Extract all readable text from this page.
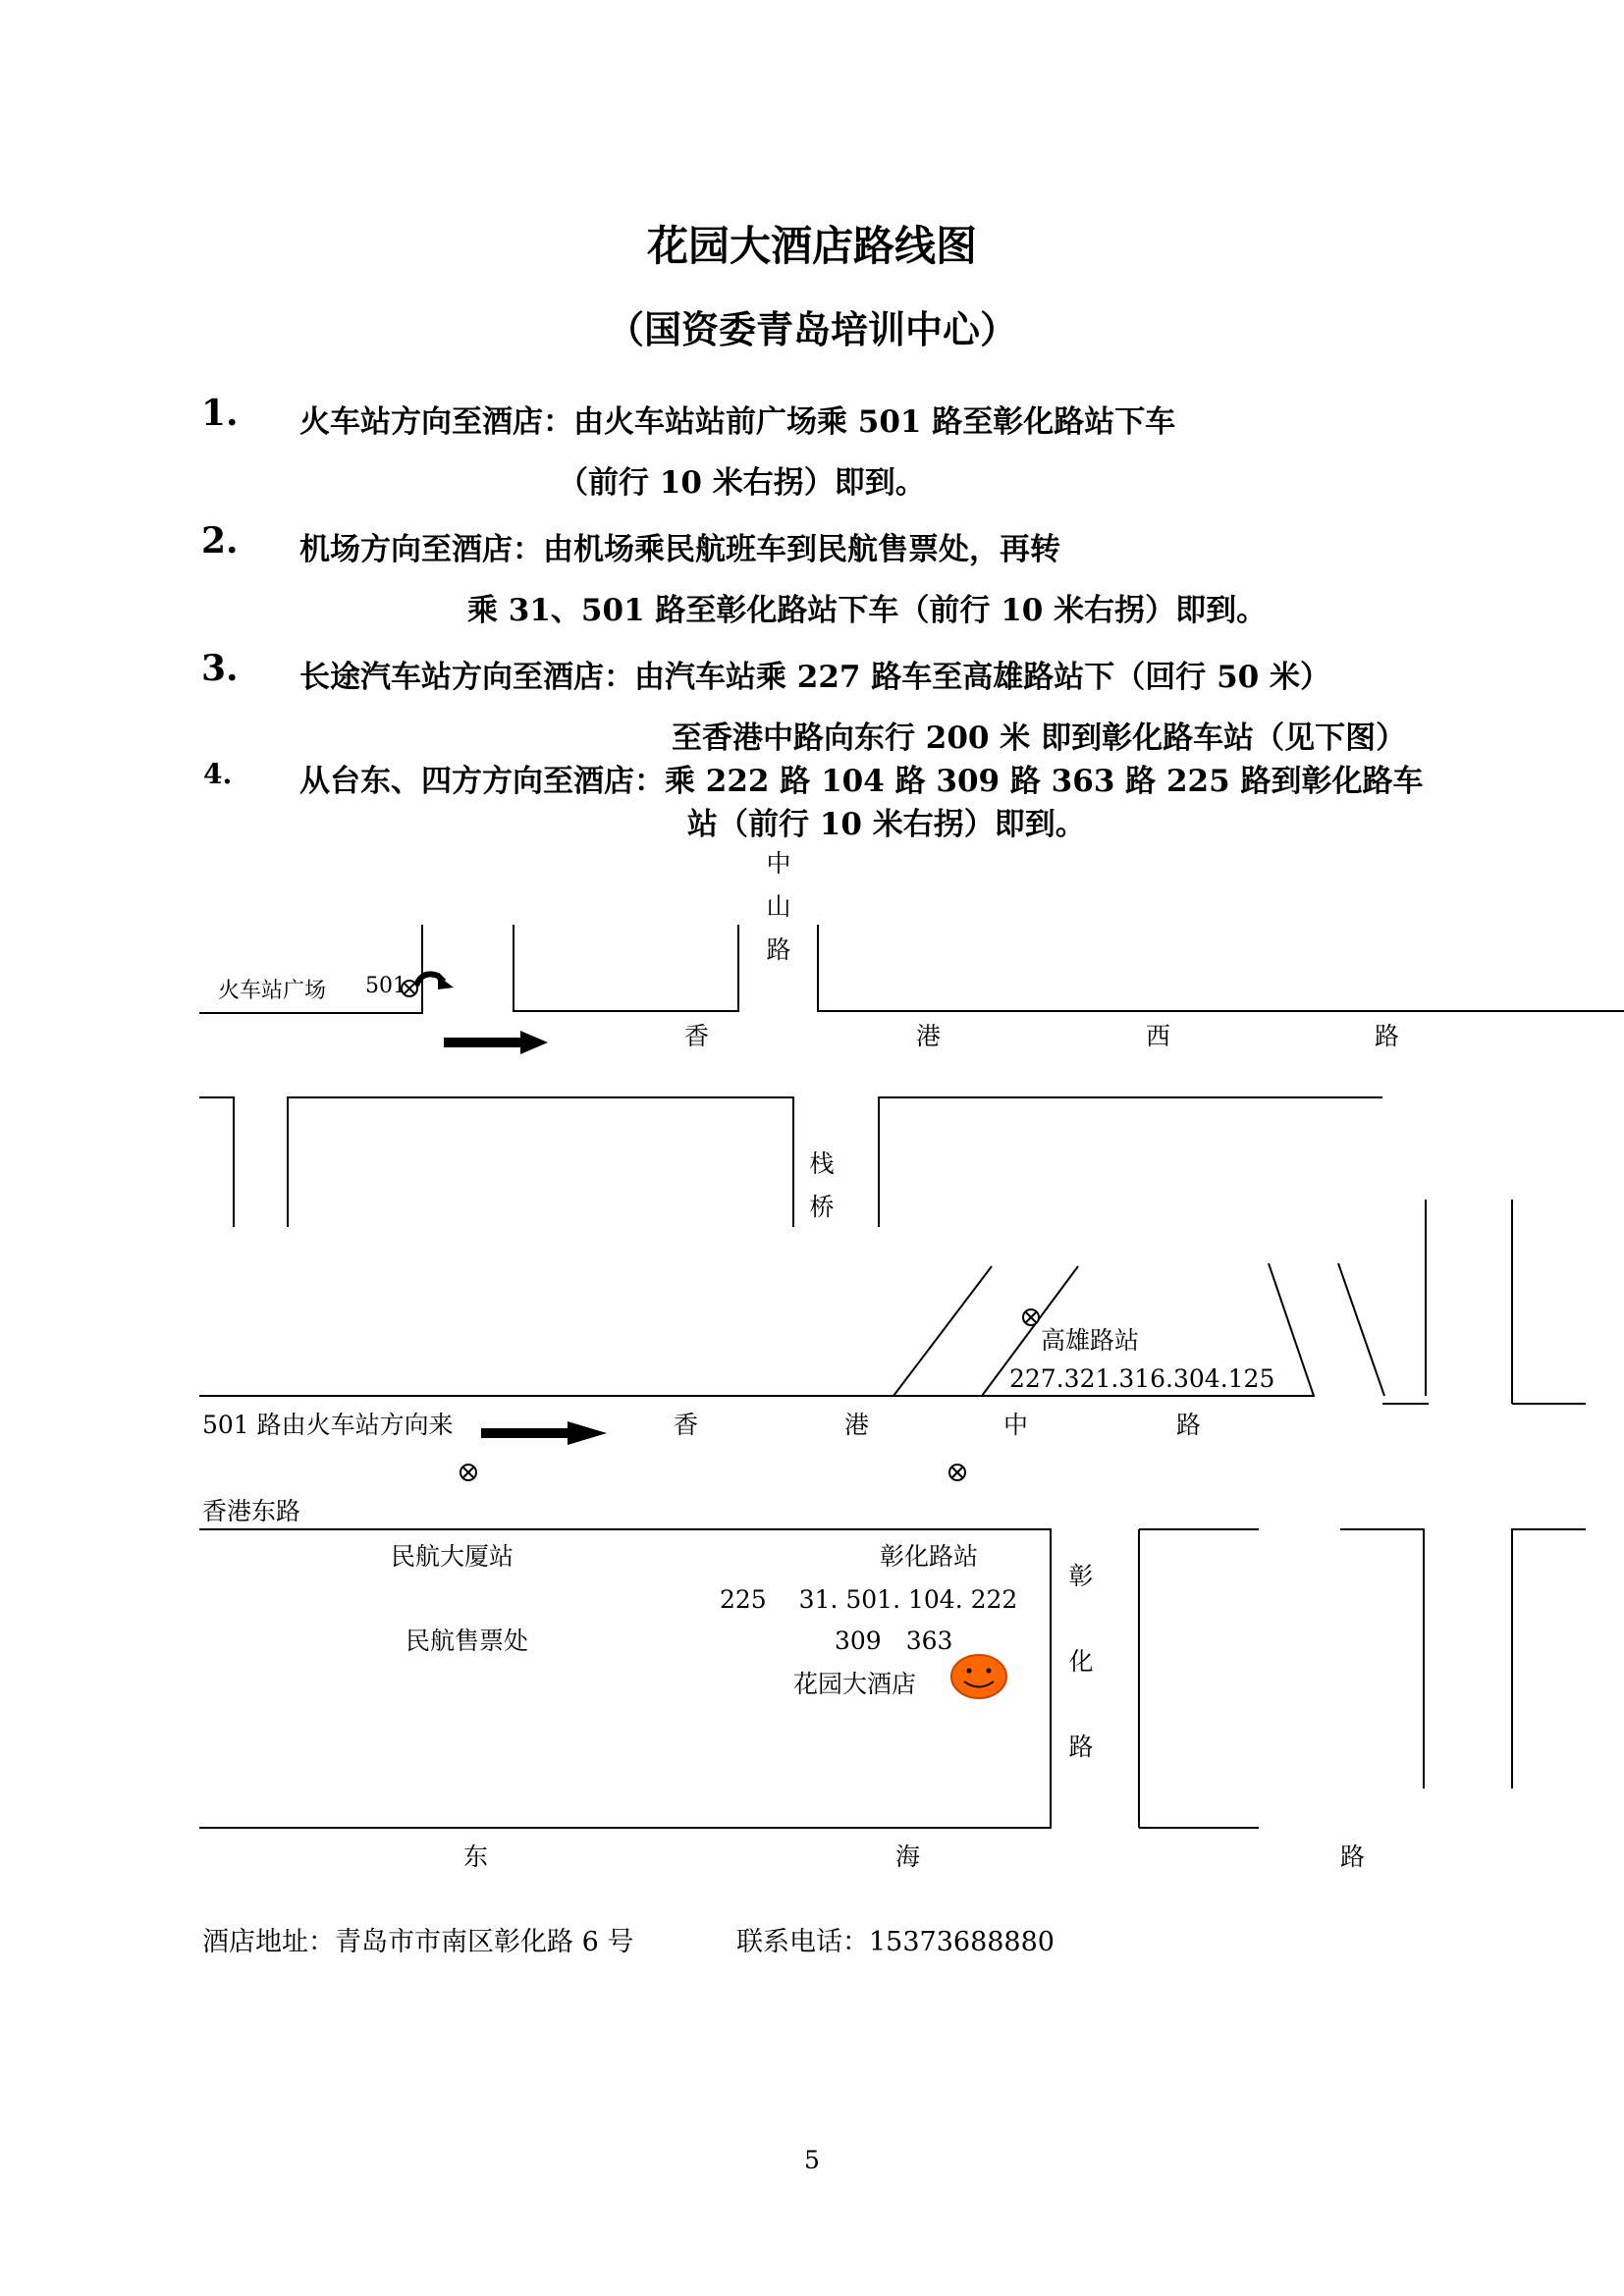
花园大酒店路线图
（国资委青岛培训中心）
1. 火车站方向至酒店：由火车站站前广场乘 501 路至彰化路站下车
（前行 10 米右拐）即到。
2. 机场方向至酒店：由机场乘民航班车到民航售票处，再转
乘 31、501 路至彰化路站下车（前行 10 米右拐）即到。
3. 长途汽车站方向至酒店：由汽车站乘 227 路车至高雄路站下（回行 50 米）
至香港中路向东行 200 米 即到彰化路车站（见下图）
4. 从台东、四方方向至酒店：乘 222 路 104 路 309 路 363 路 225 路到彰化路车
站（前行 10 米右拐）即到。
中
山
路
火车站广场 501
香	港	西	路
栈
桥
高雄路站
227.321.316.304.125
501 路由火车站方向来	香	港	中	路
香港东路
民航大厦站	彰化路站
225　 31. 501. 104. 222
309　363
民航售票处
花园大酒店
彰
化
路
东	海	路
酒店地址：青岛市市南区彰化路 6 号	联系电话：15373688880
5
